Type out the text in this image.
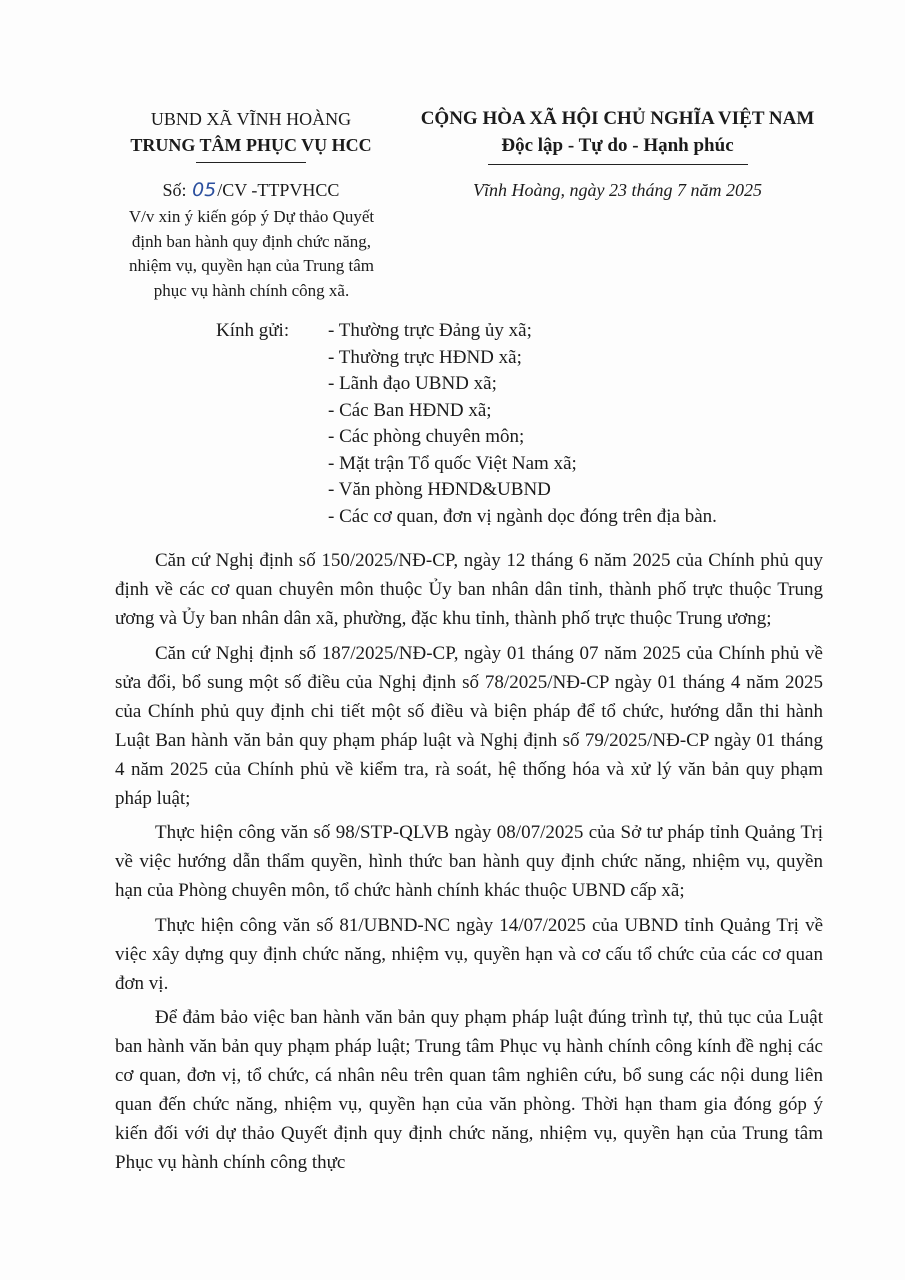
UBND XÃ VĨNH HOÀNG
TRUNG TÂM PHỤC VỤ HCC
CỘNG HÒA XÃ HỘI CHỦ NGHĨA VIỆT NAM
Độc lập - Tự do - Hạnh phúc
Số: 05/CV -TTPVHCC
V/v xin ý kiến góp ý Dự thảo Quyết
định ban hành quy định chức năng,
nhiệm vụ, quyền hạn của Trung tâm
phục vụ hành chính công xã.
Vĩnh Hoàng, ngày 23 tháng 7 năm 2025
Kính gửi: - Thường trực Đảng ủy xã;
- Thường trực HĐND xã;
- Lãnh đạo UBND xã;
- Các Ban HĐND xã;
- Các phòng chuyên môn;
- Mặt trận Tổ quốc Việt Nam xã;
- Văn phòng HĐND&UBND
- Các cơ quan, đơn vị ngành dọc đóng trên địa bàn.

Căn cứ Nghị định số 150/2025/NĐ-CP, ngày 12 tháng 6 năm 2025 của Chính phủ quy định về các cơ quan chuyên môn thuộc Ủy ban nhân dân tỉnh, thành phố trực thuộc Trung ương và Ủy ban nhân dân xã, phường, đặc khu tỉnh, thành phố trực thuộc Trung ương;

Căn cứ Nghị định số 187/2025/NĐ-CP, ngày 01 tháng 07 năm 2025 của Chính phủ về sửa đổi, bổ sung một số điều của Nghị định số 78/2025/NĐ-CP ngày 01 tháng 4 năm 2025 của Chính phủ quy định chi tiết một số điều và biện pháp để tổ chức, hướng dẫn thi hành Luật Ban hành văn bản quy phạm pháp luật và Nghị định số 79/2025/NĐ-CP ngày 01 tháng 4 năm 2025 của Chính phủ về kiểm tra, rà soát, hệ thống hóa và xử lý văn bản quy phạm pháp luật;

Thực hiện công văn số 98/STP-QLVB ngày 08/07/2025 của Sở tư pháp tỉnh Quảng Trị về việc hướng dẫn thẩm quyền, hình thức ban hành quy định chức năng, nhiệm vụ, quyền hạn của Phòng chuyên môn, tổ chức hành chính khác thuộc UBND cấp xã;

Thực hiện công văn số 81/UBND-NC ngày 14/07/2025 của UBND tỉnh Quảng Trị về việc xây dựng quy định chức năng, nhiệm vụ, quyền hạn và cơ cấu tổ chức của các cơ quan đơn vị.

Để đảm bảo việc ban hành văn bản quy phạm pháp luật đúng trình tự, thủ tục của Luật ban hành văn bản quy phạm pháp luật; Trung tâm Phục vụ hành chính công kính đề nghị các cơ quan, đơn vị, tổ chức, cá nhân nêu trên quan tâm nghiên cứu, bổ sung các nội dung liên quan đến chức năng, nhiệm vụ, quyền hạn của văn phòng. Thời hạn tham gia đóng góp ý kiến đối với dự thảo Quyết định quy định chức năng, nhiệm vụ, quyền hạn của Trung tâm Phục vụ hành chính công thực
